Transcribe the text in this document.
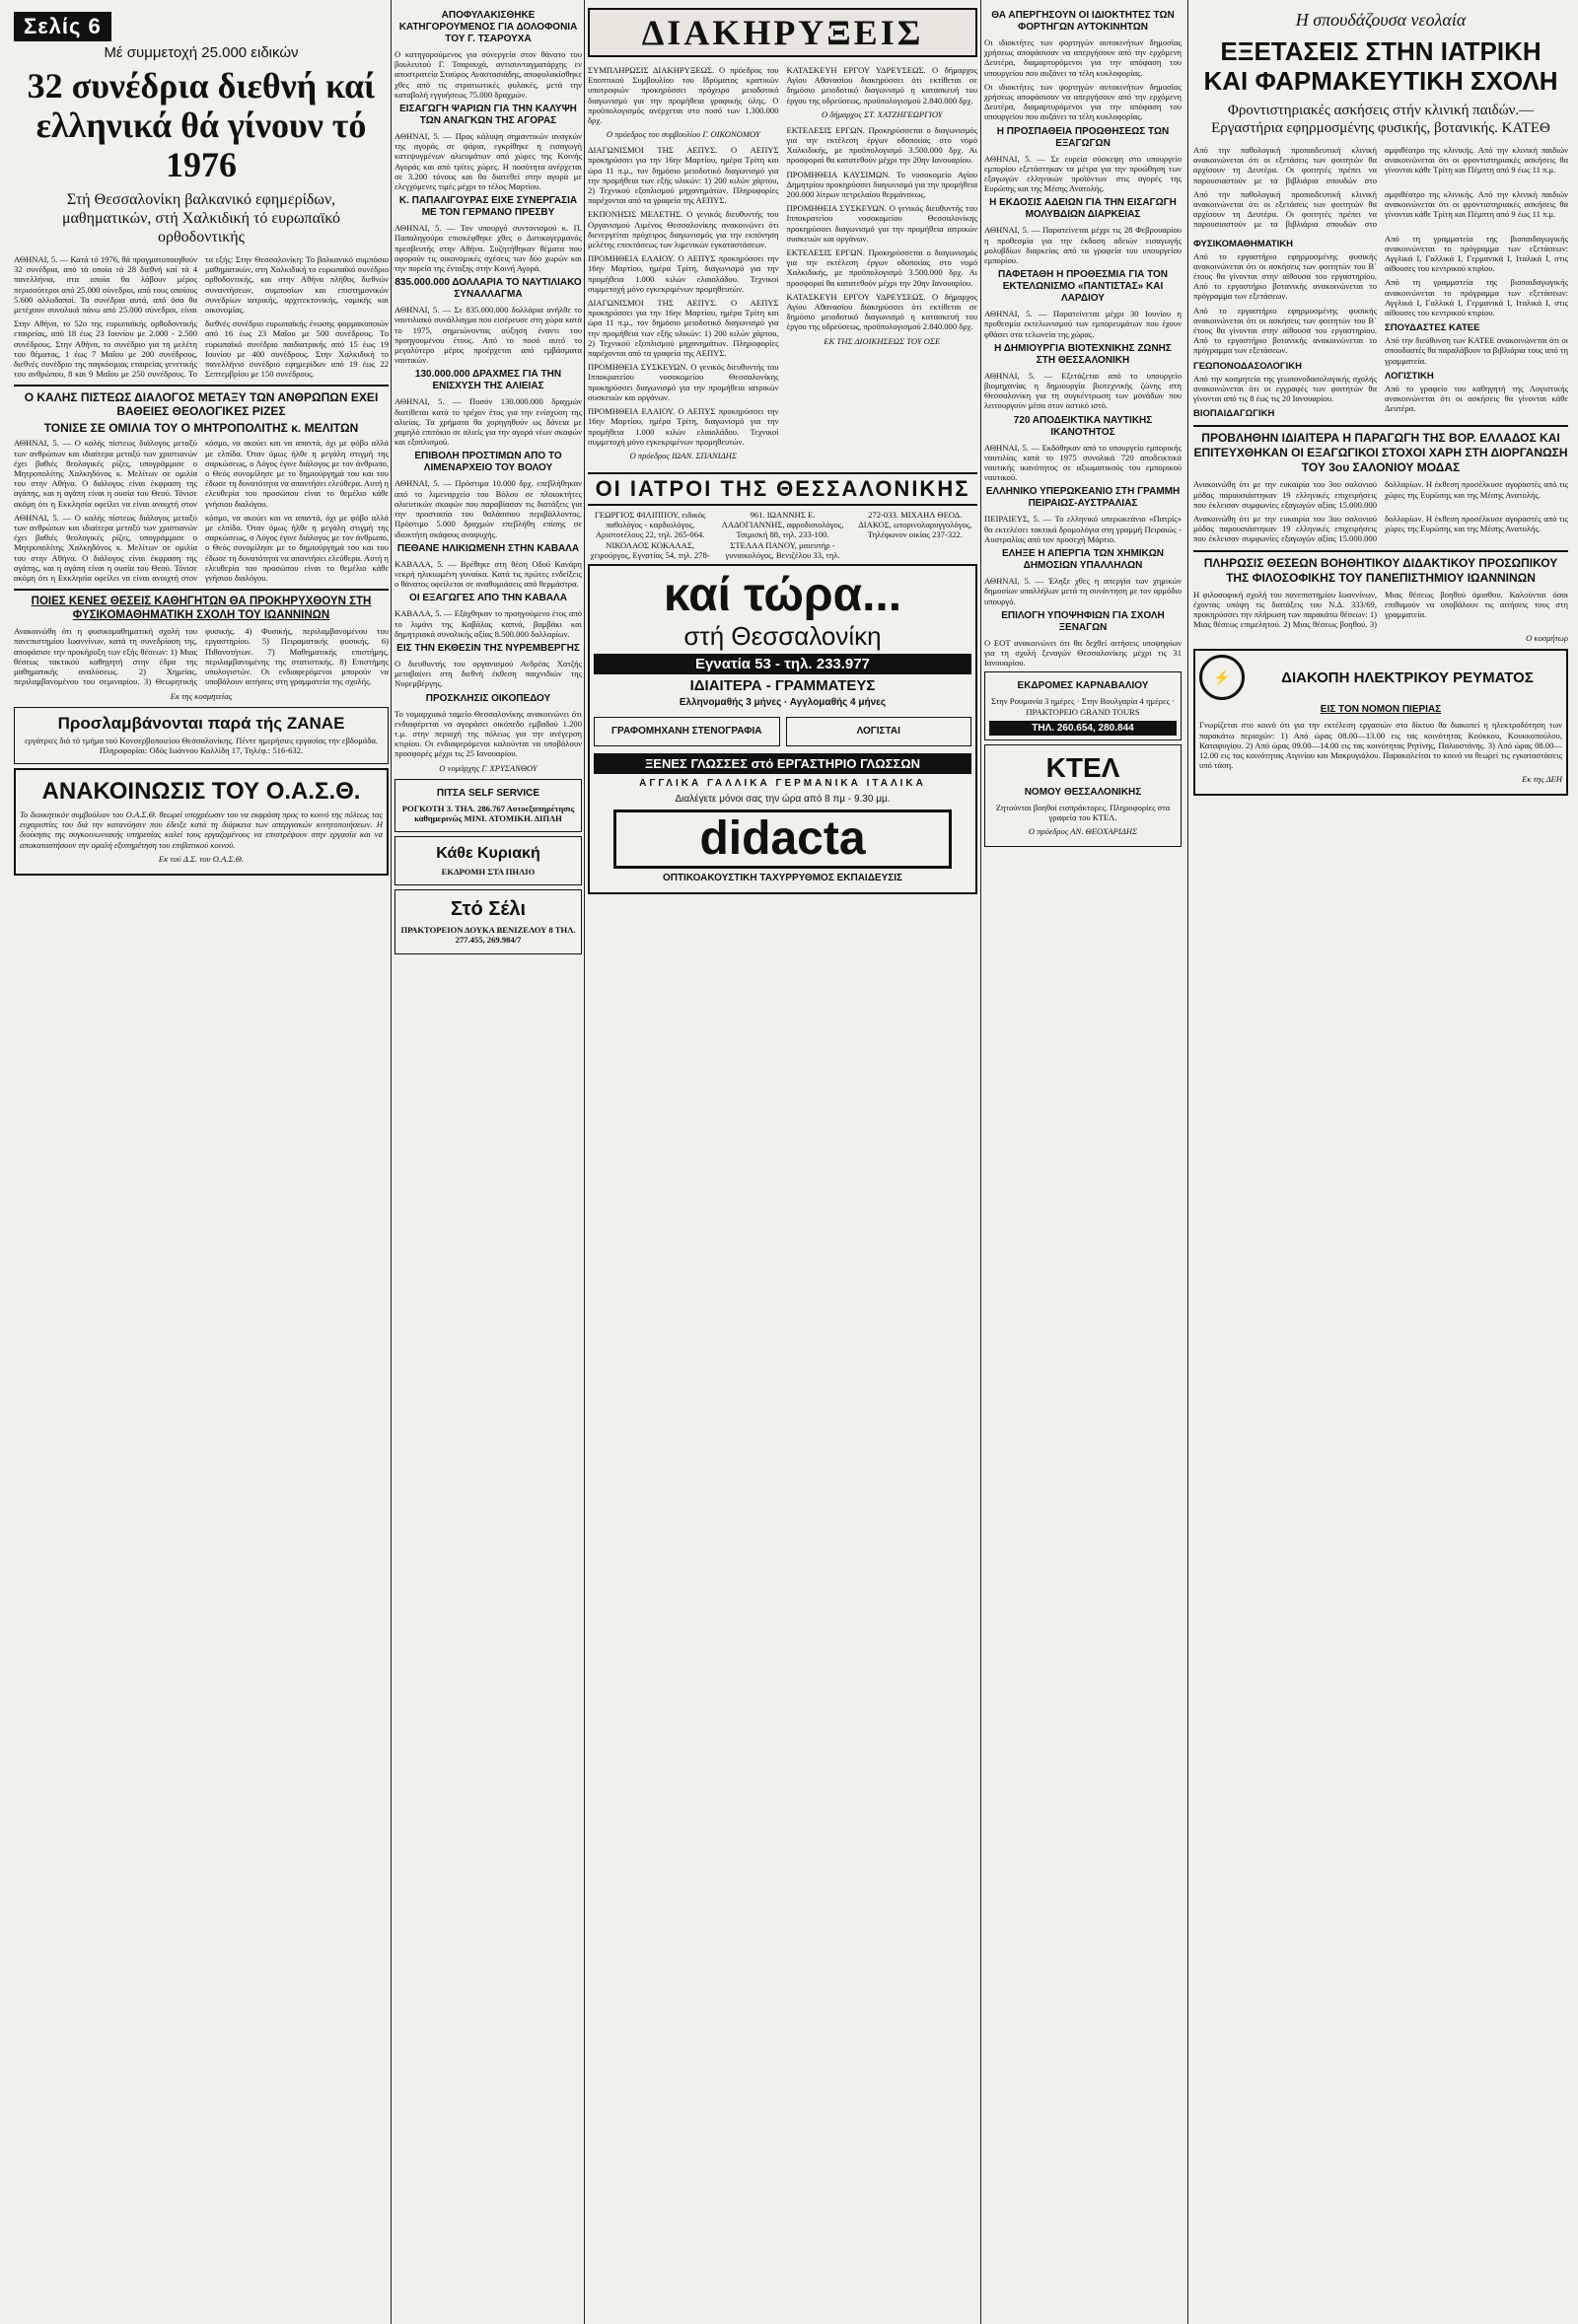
Σελίς 6
Μέ συμμετοχή 25.000 ειδικών
32 συνέδρια διεθνή καί ελληνικά θά γίνουν τό 1976
Στή Θεσσαλονίκη βαλκανικό εφημερίδων, μαθηματικών, στή Χαλκιδική τό ευρωπαϊκό ορθοδοντικής

ΑΘΗΝΑΙ, 5. — Κατά τό 1976, θά πραγματοποιηθούν 32 συνέδρια, από τά οποία τά 28 διεθνή καί τά 4 πανελλήνια, στα οποία θα λάβουν μέρος περισσότεροι από 25.000 σύνεδροι, από τους οποίους 5.600 αλλοδαποί. Τα συνέδρια αυτά, από όσα θα μετέχουν συνολικά πάνω από 25.000 σύνεδροι, είναι τα εξής: Στην Θεσσαλονίκη: Το βαλκανικό συμπόσιο μαθηματικών, στη Χαλκιδική το ευρωπαϊκό συνέδριο ορθοδοντικής, και στην Αθήνα πλήθος διεθνών συναντήσεων, συμποσίων και επιστημονικών συνεδρίων ιατρικής, αρχιτεκτονικής, νομικής και οικονομίας.

Στην Αθήνα, το 52ο της ευρωπαϊκής ορθοδοντικής εταιρείας, από 18 έως 23 Ιουνίου με 2.000 - 2.500 συνέδρους. Στην Αθήνα, το συνέδριο για τη μελέτη του θέματος, 1 έως 7 Μαΐου με 200 συνέδρους, διεθνές συνέδριο της παγκόσμιας εταιρείας γενετικής του ανθρώπου, 8 και 9 Μαΐου με 250 συνέδρους. Το διεθνές συνέδριο ευρωπαϊκής ένωσης φαρμακοποιών από 16 έως 23 Μαΐου με 500 συνέδρους. Το ευρωπαϊκό συνέδριο παιδιατρικής από 15 έως 19 Ιουνίου με 400 συνέδρους. Στην Χαλκιδική το πανελλήνιο συνέδριο εφημερίδων από 19 έως 22 Σεπτεμβρίου με 150 συνέδρους.

Ο ΚΑΛΗΣ ΠΙΣΤΕΩΣ ΔΙΑΛΟΓΟΣ ΜΕΤΑΞΥ ΤΩΝ ΑΝΘΡΩΠΩΝ ΕΧΕΙ ΒΑΘΕΙΕΣ ΘΕΟΛΟΓΙΚΕΣ ΡΙΖΕΣ
ΤΟΝΙΣΕ ΣΕ ΟΜΙΛΙΑ ΤΟΥ Ο ΜΗΤΡΟΠΟΛΙΤΗΣ κ. ΜΕΛΙΤΩΝ

ΑΘΗΝΑΙ, 5. — Ο καλής πίστεως διάλογος μεταξύ των ανθρώπων και ιδιαίτερα μεταξύ των χριστιανών έχει βαθιές θεολογικές ρίζες, υπογράμμισε ο Μητροπολίτης Χαλκηδόνος κ. Μελίτων σε ομιλία του στην Αθήνα. Ο διάλογος είναι έκφραση της αγάπης, και η αγάπη είναι η ουσία του Θεού. Τόνισε ακόμη ότι η Εκκλησία οφείλει να είναι ανοιχτή στον κόσμο, να ακούει και να απαντά, όχι με φόβο αλλά με ελπίδα. Όταν όμως ήλθε η μεγάλη στιγμή της σαρκώσεως, ο Λόγος έγινε διάλογος με τον άνθρωπο, ο Θεός συνομίλησε με το δημιούργημά του και του έδωσε τη δυνατότητα να απαντήσει ελεύθερα. Αυτή η ελευθερία του προσώπου είναι το θεμέλιο κάθε γνήσιου διαλόγου.

ΑΘΗΝΑΙ, 5. — Ο καλής πίστεως διάλογος μεταξύ των ανθρώπων και ιδιαίτερα μεταξύ των χριστιανών έχει βαθιές θεολογικές ρίζες, υπογράμμισε ο Μητροπολίτης Χαλκηδόνος κ. Μελίτων σε ομιλία του στην Αθήνα. Ο διάλογος είναι έκφραση της αγάπης, και η αγάπη είναι η ουσία του Θεού. Τόνισε ακόμη ότι η Εκκλησία οφείλει να είναι ανοιχτή στον κόσμο, να ακούει και να απαντά, όχι με φόβο αλλά με ελπίδα. Όταν όμως ήλθε η μεγάλη στιγμή της σαρκώσεως, ο Λόγος έγινε διάλογος με τον άνθρωπο, ο Θεός συνομίλησε με το δημιούργημά του και του έδωσε τη δυνατότητα να απαντήσει ελεύθερα. Αυτή η ελευθερία του προσώπου είναι το θεμέλιο κάθε γνήσιου διαλόγου.

ΠΟΙΕΣ ΚΕΝΕΣ ΘΕΣΕΙΣ ΚΑΘΗΓΗΤΩΝ ΘΑ ΠΡΟΚΗΡΥΧΘΟΥΝ ΣΤΗ ΦΥΣΙΚΟΜΑΘΗΜΑΤΙΚΗ ΣΧΟΛΗ ΤΟΥ ΙΩΑΝΝΙΝΩΝ

Ανακοινώθη ότι η φυσικομαθηματική σχολή του πανεπιστημίου Ιωαννίνων, κατά τη συνεδρίαση της, αποφάσισε την προκήρυξη των εξής θέσεων: 1) Μιας θέσεως τακτικού καθηγητή στην έδρα της μαθηματικής αναλύσεως. 2) Χημείας, περιλαμβανομένου του σεμιναρίου. 3) Θεωρητικής φυσικής. 4) Φυσικής, περιλαμβανομένου του εργαστηρίου. 5) Πειραματικής φυσικής. 6) Πιθανοτήτων. 7) Μαθηματικής επιστήμης, περιλαμβανομένης της στατιστικής. 8) Επιστήμης υπολογιστών. Οι ενδιαφερόμενοι μπορούν να υποβάλουν αιτήσεις στη γραμματεία της σχολής.

Εκ της κοσμητείας
Προσλαμβάνονται παρά τής ZANAE

εργάτριες διά τό τμήμα τού Κονσερβοποιείου Θεσσαλονίκης. Πέντε ημερήσιες εργασίας την εβδομάδα. Πληροφορίαι: Οδός Ιωάννου Καλλίδη 17, Τηλέφ.: 516-632.

ΑΝΑΚΟΙΝΩΣΙΣ ΤΟΥ Ο.Α.Σ.Θ.

Το διοικητικόν συμβούλιον του Ο.Α.Σ.Θ. θεωρεί υποχρέωσιν του να εκφράση προς το κοινό της πόλεως τας ευχαριστίες του διά την κατανόησιν που έδειξε κατά τη διάρκεια των απεργιακών κινητοποιήσεων. Η διοίκησις της συγκοινωνιακής υπηρεσίας καλεί τους εργαζομένους να επιστρέψουν στην εργασία και να αποκαταστήσουν την ομαλή εξυπηρέτηση του επιβατικού κοινού.

Εκ τού Δ.Σ. του Ο.Α.Σ.Θ.
ΑΠΟΦΥΛΑΚΙΣΘΗΚΕ ΚΑΤΗΓΟΡΟΥΜΕΝΟΣ ΓΙΑ ΔΟΛΟΦΟΝΙΑ ΤΟΥ Γ. ΤΣΑΡΟΥΧΑ

Ο κατηγορούμενος για σύνεργεία στον θάνατο του βουλευτού Γ. Τσαρουχά, αντισυνταγματάρχης εν αποστρατεία Σταύρος Αναστασιάδης, αποφυλακίσθηκε χθες από τις στρατιωτικές φυλακές, μετά την καταβολή εγγυήσεως 75.000 δραχμών.

ΕΙΣΑΓΩΓΗ ΨΑΡΙΩΝ ΓΙΑ ΤΗΝ ΚΑΛΥΨΗ ΤΩΝ ΑΝΑΓΚΩΝ ΤΗΣ ΑΓΟΡΑΣ

ΑΘΗΝΑΙ, 5. — Προς κάλυψη σημαντικών αναγκών της αγοράς σε ψάρια, εγκρίθηκε η εισαγωγή κατεψυγμένων αλιευμάτων από χώρες της Κοινής Αγοράς και από τρίτες χώρες. Η ποσότητα ανέρχεται σε 3.200 τόνους και θα διατεθεί στην αγορά με ελεγχόμενες τιμές μέχρι το τέλος Μαρτίου.

Κ. ΠΑΠΑΛΙΓΟΥΡΑΣ ΕΙΧΕ ΣΥΝΕΡΓΑΣΙΑ ΜΕ ΤΟΝ ΓΕΡΜΑΝΟ ΠΡΕΣΒΥ

ΑΘΗΝΑΙ, 5. — Τον υπουργό συντονισμού κ. Π. Παπαληγούρα επισκέφθηκε χθες ο Δυτικογερμανός πρεσβευτής στην Αθήνα. Συζητήθηκαν θέματα που αφορούν τις οικονομικές σχέσεις των δύο χωρών και την πορεία της ένταξης στην Κοινή Αγορά.

835.000.000 ΔΟΛΛΑΡΙΑ ΤΟ ΝΑΥΤΙΛΙΑΚΟ ΣΥΝΑΛΛΑΓΜΑ

ΑΘΗΝΑΙ, 5. — Σε 835.000.000 δολλάρια ανήλθε το ναυτιλιακό συνάλλαγμα που εισέρευσε στη χώρα κατά το 1975, σημειώνοντας αύξηση έναντι του προηγουμένου έτους. Από το ποσό αυτό το μεγαλύτερο μέρος προέρχεται από εμβάσματα ναυτικών.

130.000.000 ΔΡΑΧΜΕΣ ΓΙΑ ΤΗΝ ΕΝΙΣΧΥΣΗ ΤΗΣ ΑΛΙΕΙΑΣ

ΑΘΗΝΑΙ, 5. — Ποσόν 130.000.000 δραχμών διατίθεται κατά το τρέχον έτος για την ενίσχυση της αλιείας. Τα χρήματα θα χορηγηθούν ως δάνεια με χαμηλό επιτόκιο σε αλιείς για την αγορά νέων σκαφών και εξοπλισμού.

ΕΠΙΒΟΛΗ ΠΡΟΣΤΙΜΩΝ ΑΠΟ ΤΟ ΛΙΜΕΝΑΡΧΕΙΟ ΤΟΥ ΒΟΛΟΥ

ΑΘΗΝΑΙ, 5. — Πρόστιμα 10.000 δρχ. επεβλήθηκαν από το λιμεναρχείο του Βόλου σε πλοιοκτήτες αλιευτικών σκαφών που παραβίασαν τις διατάξεις για την προστασία του θαλάσσιου περιβάλλοντος. Πρόστιμο 5.000 δραχμών επεβλήθη επίσης σε ιδιοκτήτη σκάφους αναψυχής.

ΠΕΘΑΝΕ ΗΛΙΚΙΩΜΕΝΗ ΣΤΗΝ ΚΑΒΑΛΑ

ΚΑΒΑΛΑ, 5. — Βρέθηκε στη θέση Οδού Κανάρη νεκρή ηλικιωμένη γυναίκα. Κατά τις πρώτες ενδείξεις ο θάνατος οφείλεται σε αναθυμιάσεις από θερμάστρα.

ΟΙ ΕΞΑΓΩΓΕΣ ΑΠΟ ΤΗΝ ΚΑΒΑΛΑ

ΚΑΒΑΛΑ, 5. — Εξάχθηκαν το προηγούμενο έτος από το λιμάνι της Καβάλας καπνά, βαμβάκι και δημητριακά συνολικής αξίας 8.500.000 δολλαρίων.

ΕΙΣ ΤΗΝ ΕΚΘΕΣΙΝ ΤΗΣ ΝΥΡΕΜΒΕΡΓΗΣ

Ο διευθυντής του οργανισμού Ανδρέας Χατζής μεταβαίνει στη διεθνή έκθεση παιχνιδιών της Νυρεμβέργης.

ΠΡΟΣΚΛΗΣΙΣ ΟΙΚΟΠΕΔΟΥ

Το νομαρχιακό ταμείο Θεσσαλονίκης ανακοινώνει ότι ενδιαφέρεται να αγοράσει οικόπεδο εμβαδού 1.200 τ.μ. στην περιοχή της πόλεως για την ανέγερση κτιρίου. Οι ενδιαφερόμενοι καλούνται να υποβάλουν προσφορές μέχρι τις 25 Ιανουαρίου.

Ο νομάρχης Γ. ΧΡΥΣΑΝΘΟΥ
ΠΙΤΣΑ SELF SERVICE

ΡΟΓΚΟΤΗ 3. ΤΗΛ. 286.767 Αυτοεξυπηρέτησις καθημερινώς ΜΙΝΙ. ΑΤΟΜΙΚΗ. ΔΙΠΛΗ

Κάθε Κυριακή

ΕΚΔΡΟΜΗ ΣΤΑ ΠΗΛΙΟ

Στό Σέλι

ΠΡΑΚΤΟΡΕΙΟΝ ΔΟΥΚΑ ΒΕΝΙΖΕΛΟΥ 8 ΤΗΛ. 277.455, 269.984/7

ΔΙΑΚΗΡΥΞΕΙΣ

ΣΥΜΠΛΗΡΩΣΙΣ ΔΙΑΚΗΡΥΞΕΩΣ. Ο πρόεδρος του Εποπτικού Συμβουλίου του Ιδρύματος κρατικών υποτροφιών προκηρύσσει πρόχειρο μειοδοτικό διαγωνισμό για την προμήθεια γραφικής ύλης. Ο προϋπολογισμός ανέρχεται στο ποσό των 1.300.000 δρχ.

Ο πρόεδρος του συμβουλίου Γ. ΟΙΚΟΝΟΜΟΥ

ΔΙΑΓΩΝΙΣΜΟΙ ΤΗΣ ΑΕΠΥΣ. Ο ΑΕΠΥΣ προκηρύσσει για την 16ην Μαρτίου, ημέρα Τρίτη και ώρα 11 π.μ., τον δημόσιο μειοδοτικό διαγωνισμό για την προμήθεια των εξής υλικών: 1) 200 κιλών χάρτου, 2) Τεχνικού εξοπλισμού μηχανημάτων. Πληροφορίες παρέχονται από τα γραφεία της ΑΕΠΥΣ.

ΕΚΠΟΝΗΣΙΣ ΜΕΛΕΤΗΣ. Ο γενικός διευθυντής του Οργανισμού Λιμένος Θεσσαλονίκης ανακοινώνει ότι διενεργείται πρόχειρος διαγωνισμός για την εκπόνηση μελέτης επεκτάσεως των λιμενικών εγκαταστάσεων.

ΠΡΟΜΗΘΕΙΑ ΕΛΑΙΟΥ. Ο ΑΕΠΥΣ προκηρύσσει την 16ην Μαρτίου, ημέρα Τρίτη, διαγωνισμό για την προμήθεια 1.000 κιλών ελαιολάδου. Τεχνικοί συμμετοχή μόνο εγκεκριμένων προμηθευτών.

ΔΙΑΓΩΝΙΣΜΟΙ ΤΗΣ ΑΕΠΥΣ. Ο ΑΕΠΥΣ προκηρύσσει για την 16ην Μαρτίου, ημέρα Τρίτη και ώρα 11 π.μ., τον δημόσιο μειοδοτικό διαγωνισμό για την προμήθεια των εξής υλικών: 1) 200 κιλών χάρτου, 2) Τεχνικού εξοπλισμού μηχανημάτων. Πληροφορίες παρέχονται από τα γραφεία της ΑΕΠΥΣ.

ΠΡΟΜΗΘΕΙΑ ΣΥΣΚΕΥΩΝ. Ο γενικός διευθυντής του Ιπποκρατείου νοσοκομείου Θεσσαλονίκης προκηρύσσει διαγωνισμό για την προμήθεια ιατρικών συσκευών και οργάνων.

ΠΡΟΜΗΘΕΙΑ ΕΛΑΙΟΥ. Ο ΑΕΠΥΣ προκηρύσσει την 16ην Μαρτίου, ημέρα Τρίτη, διαγωνισμό για την προμήθεια 1.000 κιλών ελαιολάδου. Τεχνικοί συμμετοχή μόνο εγκεκριμένων προμηθευτών.

Ο πρόεδρος ΙΩΑΝ. ΣΠΑΝΙΔΗΣ

ΚΑΤΑΣΚΕΥΗ ΕΡΓΟΥ ΥΔΡΕΥΣΕΩΣ. Ο δήμαρχος Αγίου Αθανασίου διακηρύσσει ότι εκτίθεται σε δημόσιο μειοδοτικό διαγωνισμό η κατασκευή του έργου της υδρεύσεως, προϋπολογισμού 2.840.000 δρχ.

Ο δήμαρχος ΣΤ. ΧΑΤΖΗΓΕΩΡΓΙΟΥ

ΕΚΤΕΛΕΣΙΣ ΕΡΓΩΝ. Προκηρύσσεται ο διαγωνισμός για την εκτέλεση έργων οδοποιίας στο νομό Χαλκιδικής, με προϋπολογισμό 3.500.000 δρχ. Αι προσφοραί θα κατατεθούν μέχρι την 20ην Ιανουαρίου.

ΠΡΟΜΗΘΕΙΑ ΚΑΥΣΙΜΩΝ. Το νοσοκομείο Αγίου Δημητρίου προκηρύσσει διαγωνισμό για την προμήθεια 200.000 λίτρων πετρελαίου θερμάνσεως.

ΠΡΟΜΗΘΕΙΑ ΣΥΣΚΕΥΩΝ. Ο γενικός διευθυντής του Ιπποκρατείου νοσοκομείου Θεσσαλονίκης προκηρύσσει διαγωνισμό για την προμήθεια ιατρικών συσκευών και οργάνων.

ΕΚΤΕΛΕΣΙΣ ΕΡΓΩΝ. Προκηρύσσεται ο διαγωνισμός για την εκτέλεση έργων οδοποιίας στο νομό Χαλκιδικής, με προϋπολογισμό 3.500.000 δρχ. Αι προσφοραί θα κατατεθούν μέχρι την 20ην Ιανουαρίου.

ΚΑΤΑΣΚΕΥΗ ΕΡΓΟΥ ΥΔΡΕΥΣΕΩΣ. Ο δήμαρχος Αγίου Αθανασίου διακηρύσσει ότι εκτίθεται σε δημόσιο μειοδοτικό διαγωνισμό η κατασκευή του έργου της υδρεύσεως, προϋπολογισμού 2.840.000 δρχ.

ΕΚ ΤΗΣ ΔΙΟΙΚΗΣΕΩΣ ΤΟΥ ΟΣΕ
ΟΙ ΙΑΤΡΟΙ ΤΗΣ ΘΕΣΣΑΛΟΝΙΚΗΣ

ΓΕΩΡΓΙΟΣ ΦΙΛΙΠΠΟΥ, ειδικός παθολόγος - καρδιολόγος, Αριστοτέλους 22, τηλ. 265-064. ΝΙΚΟΛΑΟΣ ΚΟΚΑΛΑΣ, χειρούργος, Εγνατίας 54, τηλ. 278-961. ΙΩΑΝΝΗΣ Ε. ΛΑΔΟΓΙΑΝΝΗΣ, αφροδισιολόγος, Τσιμισκή 88, τηλ. 233-100. ΣΤΕΛΛΑ ΠΑΝΟΥ, μαιευτήρ - γυναικολόγος, Βενιζέλου 33, τηλ. 272-033. ΜΙΧΑΗΛ ΘΕΟΔ. ΔΙΑΚΟΣ, ωτορινολαρυγγολόγος, Τηλέφωνον οικίας 237-322.

καί τώρα...
στή Θεσσαλονίκη
Εγνατία 53 - τηλ. 233.977
ΙΔΙΑΙΤΕΡΑ - ΓΡΑΜΜΑΤΕΥΣ
Ελληνομαθής 3 μήνες · Αγγλομαθής 4 μήνες
ΓΡΑΦΟΜΗΧΑΝΗ ΣΤΕΝΟΓΡΑΦΙΑ	ΛΟΓΙΣΤΑΙ
ΞΕΝΕΣ ΓΛΩΣΣΕΣ στό ΕΡΓΑΣΤΗΡΙΟ ΓΛΩΣΣΩΝ
ΑΓΓΛΙΚΑ ΓΑΛΛΙΚΑ ΓΕΡΜΑΝΙΚΑ ΙΤΑΛΙΚΑ
Διαλέγετε μόνοι σας την ώρα από 8 πμ - 9.30 μμ.
didacta
ΟΠΤΙΚΟΑΚΟΥΣΤΙΚΗ ΤΑΧΥΡΡΥΘΜΟΣ ΕΚΠΑΙΔΕΥΣΙΣ
ΘΑ ΑΠΕΡΓΗΣΟΥΝ ΟΙ ΙΔΙΟΚΤΗΤΕΣ ΤΩΝ ΦΟΡΤΗΓΩΝ ΑΥΤΟΚΙΝΗΤΩΝ

Οι ιδιοκτήτες των φορτηγών αυτοκινήτων δημοσίας χρήσεως αποφάσισαν να απεργήσουν από την ερχόμενη Δευτέρα, διαμαρτυρόμενοι για την απόφαση του υπουργείου που αυξάνει τα τέλη κυκλοφορίας.

Οι ιδιοκτήτες των φορτηγών αυτοκινήτων δημοσίας χρήσεως αποφάσισαν να απεργήσουν από την ερχόμενη Δευτέρα, διαμαρτυρόμενοι για την απόφαση του υπουργείου που αυξάνει τα τέλη κυκλοφορίας.

Η ΠΡΟΣΠΑΘΕΙΑ ΠΡΟΩΘΗΣΕΩΣ ΤΩΝ ΕΞΑΓΩΓΩΝ

ΑΘΗΝΑΙ, 5. — Σε ευρεία σύσκεψη στο υπουργείο εμπορίου εξετάστηκαν τα μέτρα για την προώθηση των εξαγωγών ελληνικών προϊόντων στις αγορές της Ευρώπης και της Μέσης Ανατολής.

Η ΕΚΔΟΣΙΣ ΑΔΕΙΩΝ ΓΙΑ ΤΗΝ ΕΙΣΑΓΩΓΗ ΜΟΛΥΒΔΙΩΝ ΔΙΑΡΚΕΙΑΣ

ΑΘΗΝΑΙ, 5. — Παρατείνεται μέχρι τις 28 Φεβρουαρίου η προθεσμία για την έκδοση αδειών εισαγωγής μολυβδίων διαρκείας από τα γραφεία του υπουργείου εμπορίου.

ΠΑΦΕΤΑΘΗ Η ΠΡΟΘΕΣΜΙΑ ΓΙΑ ΤΟΝ ΕΚΤΕΛΩΝΙΣΜΟ «ΠΑΝΤΙΣΤΑΣ» ΚΑΙ ΛΑΡΔΙΟΥ

ΑΘΗΝΑΙ, 5. — Παρατείνεται μέχρι 30 Ιουνίου η προθεσμία εκτελωνισμού των εμπορευμάτων που έχουν φθάσει στα τελωνεία της χώρας.

Η ΔΗΜΙΟΥΡΓΙΑ ΒΙΟΤΕΧΝΙΚΗΣ ΖΩΝΗΣ ΣΤΗ ΘΕΣΣΑΛΟΝΙΚΗ

ΑΘΗΝΑΙ, 5. — Εξετάζεται από το υπουργείο βιομηχανίας η δημιουργία βιοτεχνικής ζώνης στη Θεσσαλονίκη για τη συγκέντρωση των μονάδων που λειτουργούν μέσα στον αστικό ιστό.

720 ΑΠΟΔΕΙΚΤΙΚΑ ΝΑΥΤΙΚΗΣ ΙΚΑΝΟΤΗΤΟΣ

ΑΘΗΝΑΙ, 5. — Εκδόθηκαν από το υπουργείο εμπορικής ναυτιλίας κατά το 1975 συνολικά 720 αποδεικτικά ναυτικής ικανότητος σε αξιωματικούς του εμπορικού ναυτικού.

ΕΛΛΗΝΙΚΟ ΥΠΕΡΩΚΕΑΝΙΟ ΣΤΗ ΓΡΑΜΜΗ ΠΕΙΡΑΙΩΣ-ΑΥΣΤΡΑΛΙΑΣ

ΠΕΙΡΑΙΕΥΣ, 5. — Το ελληνικό υπερωκεάνιο «Πατρίς» θα εκτελέσει τακτικά δρομολόγια στη γραμμή Πειραιώς - Αυστραλίας από τον προσεχή Μάρτιο.

ΕΛΗΞΕ Η ΑΠΕΡΓΙΑ ΤΩΝ ΧΗΜΙΚΩΝ ΔΗΜΟΣΙΩΝ ΥΠΑΛΛΗΛΩΝ

ΑΘΗΝΑΙ, 5. — Έληξε χθες η απεργία των χημικών δημοσίων υπαλλήλων μετά τη συνάντηση με τον αρμόδιο υπουργό.

ΕΠΙΛΟΓΗ ΥΠΟΨΗΦΙΩΝ ΓΙΑ ΣΧΟΛΗ ΞΕΝΑΓΩΝ

Ο ΕΟΤ ανακοινώνει ότι θα δεχθεί αιτήσεις υποψηφίων για τη σχολή ξεναγών Θεσσαλονίκης μέχρι τις 31 Ιανουαρίου.

ΕΚΔΡΟΜΕΣ ΚΑΡΝΑΒΑΛΙΟΥ

Στην Ρουμανία 3 ημέρες · Στην Βουλγαρία 4 ημέρες · ΠΡΑΚΤΟΡΕΙΟ GRAND TOURS

ΤΗΛ. 260.654, 280.844
ΚΤΕΛ
ΝΟΜΟΥ ΘΕΣΣΑΛΟΝΙΚΗΣ

Ζητούνται βοηθοί εισπράκτορες. Πληροφορίες στα γραφεία του ΚΤΕΛ.

Ο πρόεδρος ΑΝ. ΘΕΟΧΑΡΙΔΗΣ
Η σπουδάζουσα νεολαία
ΕΞΕΤΑΣΕΙΣ ΣΤΗΝ ΙΑΤΡΙΚΗ ΚΑΙ ΦΑΡΜΑΚΕΥΤΙΚΗ ΣΧΟΛΗ
Φροντιστηριακές ασκήσεις στήν κλινική παιδών.— Εργαστήρια εφηρμοσμένης φυσικής, βοτανικής. ΚΑΤΕΘ

Από την παθολογική προπαιδευτική κλινική ανακοινώνεται ότι οι εξετάσεις των φοιτητών θα αρχίσουν τη Δευτέρα. Οι φοιτητές πρέπει να παρουσιαστούν με τα βιβλιάρια σπουδών στο αμφιθέατρο της κλινικής. Από την κλινική παιδιών ανακοινώνεται ότι οι φροντιστηριακές ασκήσεις θα γίνονται κάθε Τρίτη και Πέμπτη από 9 έως 11 π.μ.

Από την παθολογική προπαιδευτική κλινική ανακοινώνεται ότι οι εξετάσεις των φοιτητών θα αρχίσουν τη Δευτέρα. Οι φοιτητές πρέπει να παρουσιαστούν με τα βιβλιάρια σπουδών στο αμφιθέατρο της κλινικής. Από την κλινική παιδιών ανακοινώνεται ότι οι φροντιστηριακές ασκήσεις θα γίνονται κάθε Τρίτη και Πέμπτη από 9 έως 11 π.μ.

ΦΥΣΙΚΟΜΑΘΗΜΑΤΙΚΗ

Από το εργαστήριο εφηρμοσμένης φυσικής ανακοινώνεται ότι οι ασκήσεις των φοιτητών του Β΄ έτους θα γίνονται στην αίθουσα του εργαστηρίου. Από το εργαστήριο βοτανικής ανακοινώνεται το πρόγραμμα των εξετάσεων.

Από το εργαστήριο εφηρμοσμένης φυσικής ανακοινώνεται ότι οι ασκήσεις των φοιτητών του Β΄ έτους θα γίνονται στην αίθουσα του εργαστηρίου. Από το εργαστήριο βοτανικής ανακοινώνεται το πρόγραμμα των εξετάσεων.

ΓΕΩΠΟΝΟΔΑΣΟΛΟΓΙΚΗ

Από την κοσμητεία της γεωπονοδασολογικής σχολής ανακοινώνεται ότι οι εγγραφές των φοιτητών θα γίνονται από τις 8 έως τις 20 Ιανουαρίου.

ΒΙΟΠΑΙΔΑΓΩΓΙΚΗ

Από τη γραμματεία της βιοπαιδαγωγικής ανακοινώνεται το πρόγραμμα των εξετάσεων: Αγγλικά Ι, Γαλλικά Ι, Γερμανικά Ι, Ιταλικά Ι, στις αίθουσες του κεντρικού κτιρίου.

Από τη γραμματεία της βιοπαιδαγωγικής ανακοινώνεται το πρόγραμμα των εξετάσεων: Αγγλικά Ι, Γαλλικά Ι, Γερμανικά Ι, Ιταλικά Ι, στις αίθουσες του κεντρικού κτιρίου.

ΣΠΟΥΔΑΣΤΕΣ ΚΑΤΕΕ

Από την διεύθυνση των ΚΑΤΕΕ ανακοινώνεται ότι οι σπουδαστές θα παραλάβουν τα βιβλιάρια τους από τη γραμματεία.

ΛΟΓΙΣΤΙΚΗ

Από το γραφείο του καθηγητή της Λογιστικής ανακοινώνεται ότι οι ασκήσεις θα γίνονται κάθε Δευτέρα.

ΠΡΟΒΛΗΘΗΝ ΙΔΙΑΙΤΕΡΑ Η ΠΑΡΑΓΩΓΗ ΤΗΣ ΒΟΡ. ΕΛΛΑΔΟΣ ΚΑΙ ΕΠΙΤΕΥΧΘΗΚΑΝ ΟΙ ΕΞΑΓΩΓΙΚΟΙ ΣΤΟΧΟΙ ΧΑΡΗ ΣΤΗ ΔΙΟΡΓΑΝΩΣΗ ΤΟΥ 3ου ΣΑΛΟΝΙΟΥ ΜΟΔΑΣ

Ανακοινώθη ότι με την ευκαιρία του 3ου σαλονιού μόδας παρουσιάστηκαν 19 ελληνικές επιχειρήσεις που έκλεισαν συμφωνίες εξαγωγών αξίας 15.000.000 δολλαρίων. Η έκθεση προσέλκυσε αγοραστές από τις χώρες της Ευρώπης και της Μέσης Ανατολής.

Ανακοινώθη ότι με την ευκαιρία του 3ου σαλονιού μόδας παρουσιάστηκαν 19 ελληνικές επιχειρήσεις που έκλεισαν συμφωνίες εξαγωγών αξίας 15.000.000 δολλαρίων. Η έκθεση προσέλκυσε αγοραστές από τις χώρες της Ευρώπης και της Μέσης Ανατολής.

ΠΛΗΡΩΣΙΣ ΘΕΣΕΩΝ ΒΟΗΘΗΤΙΚΟΥ ΔΙΔΑΚΤΙΚΟΥ ΠΡΟΣΩΠΙΚΟΥ ΤΗΣ ΦΙΛΟΣΟΦΙΚΗΣ ΤΟΥ ΠΑΝΕΠΙΣΤΗΜΙΟΥ ΙΩΑΝΝΙΝΩΝ

Η φιλοσοφική σχολή του πανεπιστημίου Ιωαννίνων, έχοντας υπόψη τις διατάξεις του Ν.Δ. 333/69, προκηρύσσει την πλήρωση των παρακάτω θέσεων: 1) Μιας θέσεως επιμελητού. 2) Μιας θέσεως βοηθού. 3) Μιας θέσεως βοηθού άμισθου. Καλούνται όσοι επιθυμούν να υποβάλουν τις αιτήσεις τους στη γραμματεία.

Ο κοσμήτωρ
⚡	ΔΙΑΚΟΠΗ ΗΛΕΚΤΡΙΚΟΥ ΡΕΥΜΑΤΟΣ
ΕΙΣ ΤΟΝ ΝΟΜΟΝ ΠΙΕΡΙΑΣ

Γνωρίζεται στο κοινό ότι για την εκτέλεση εργασιών στο δίκτυο θα διακοπεί η ηλεκτροδότηση των παρακάτω περιοχών: 1) Από ώρας 08.00—13.00 εις τας κοινότητας Κούκκου, Κουκκοπούλου, Καταφυγίου. 2) Από ώρας 09.00—14.00 εις τας κοινότητας Ρητίνης, Παλιοστάνης. 3) Από ώρας 08.00—12.00 εις τας κοινότητας Αιγινίου και Μακρυγιάλου. Παρακαλείται το κοινό να θεωρεί τις εγκαταστάσεις υπό τάση.

Εκ της ΔΕΗ
